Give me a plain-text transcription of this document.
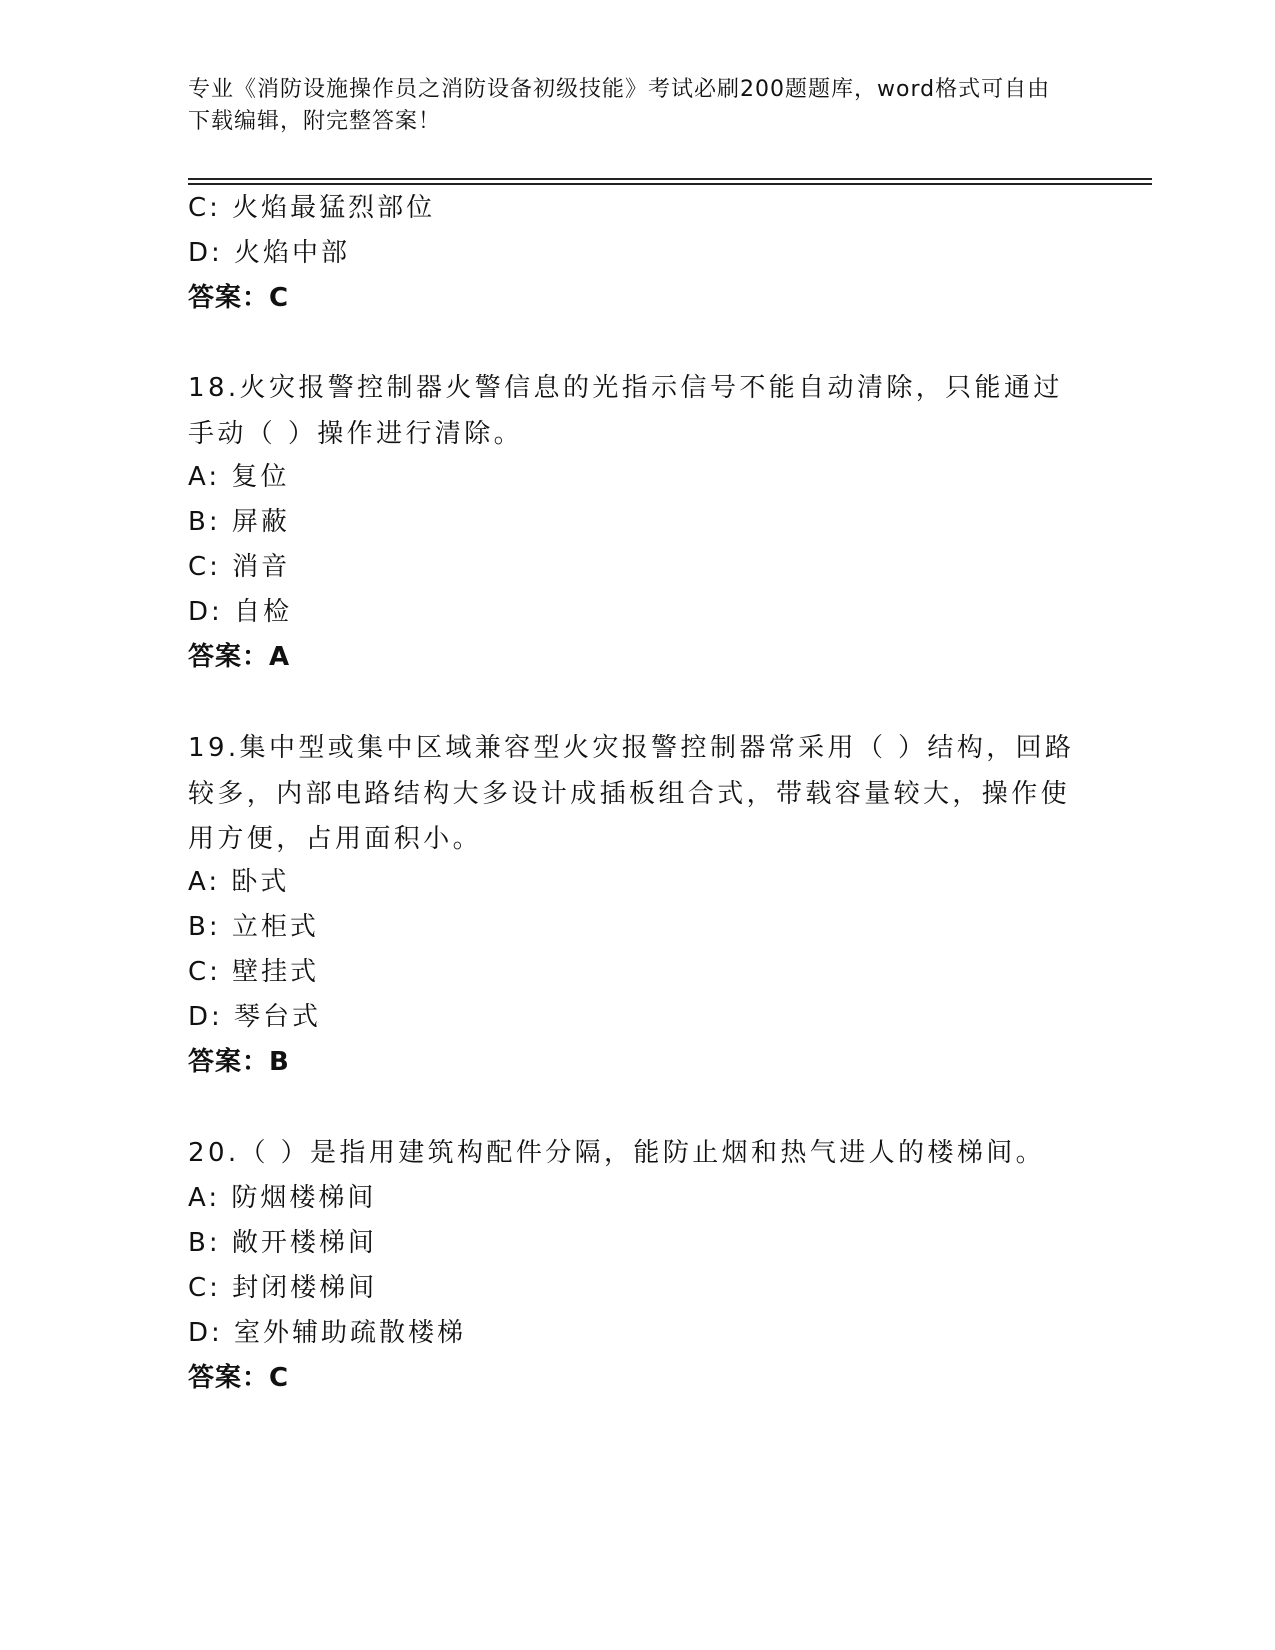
专业《消防设施操作员之消防设备初级技能》考试必刷200题题库，word格式可自由下载编辑，附完整答案！
C: 火焰最猛烈部位
D: 火焰中部
答案：C
18.火灾报警控制器火警信息的光指示信号不能自动清除，只能通过手动（ ）操作进行清除。
A: 复位
B: 屏蔽
C: 消音
D: 自检
答案：A
19.集中型或集中区域兼容型火灾报警控制器常采用（ ）结构，回路较多，内部电路结构大多设计成插板组合式，带载容量较大，操作使用方便，占用面积小。
A: 卧式
B: 立柜式
C: 壁挂式
D: 琴台式
答案：B
20.（ ）是指用建筑构配件分隔，能防止烟和热气进人的楼梯间。
A: 防烟楼梯间
B: 敞开楼梯间
C: 封闭楼梯间
D: 室外辅助疏散楼梯
答案：C
